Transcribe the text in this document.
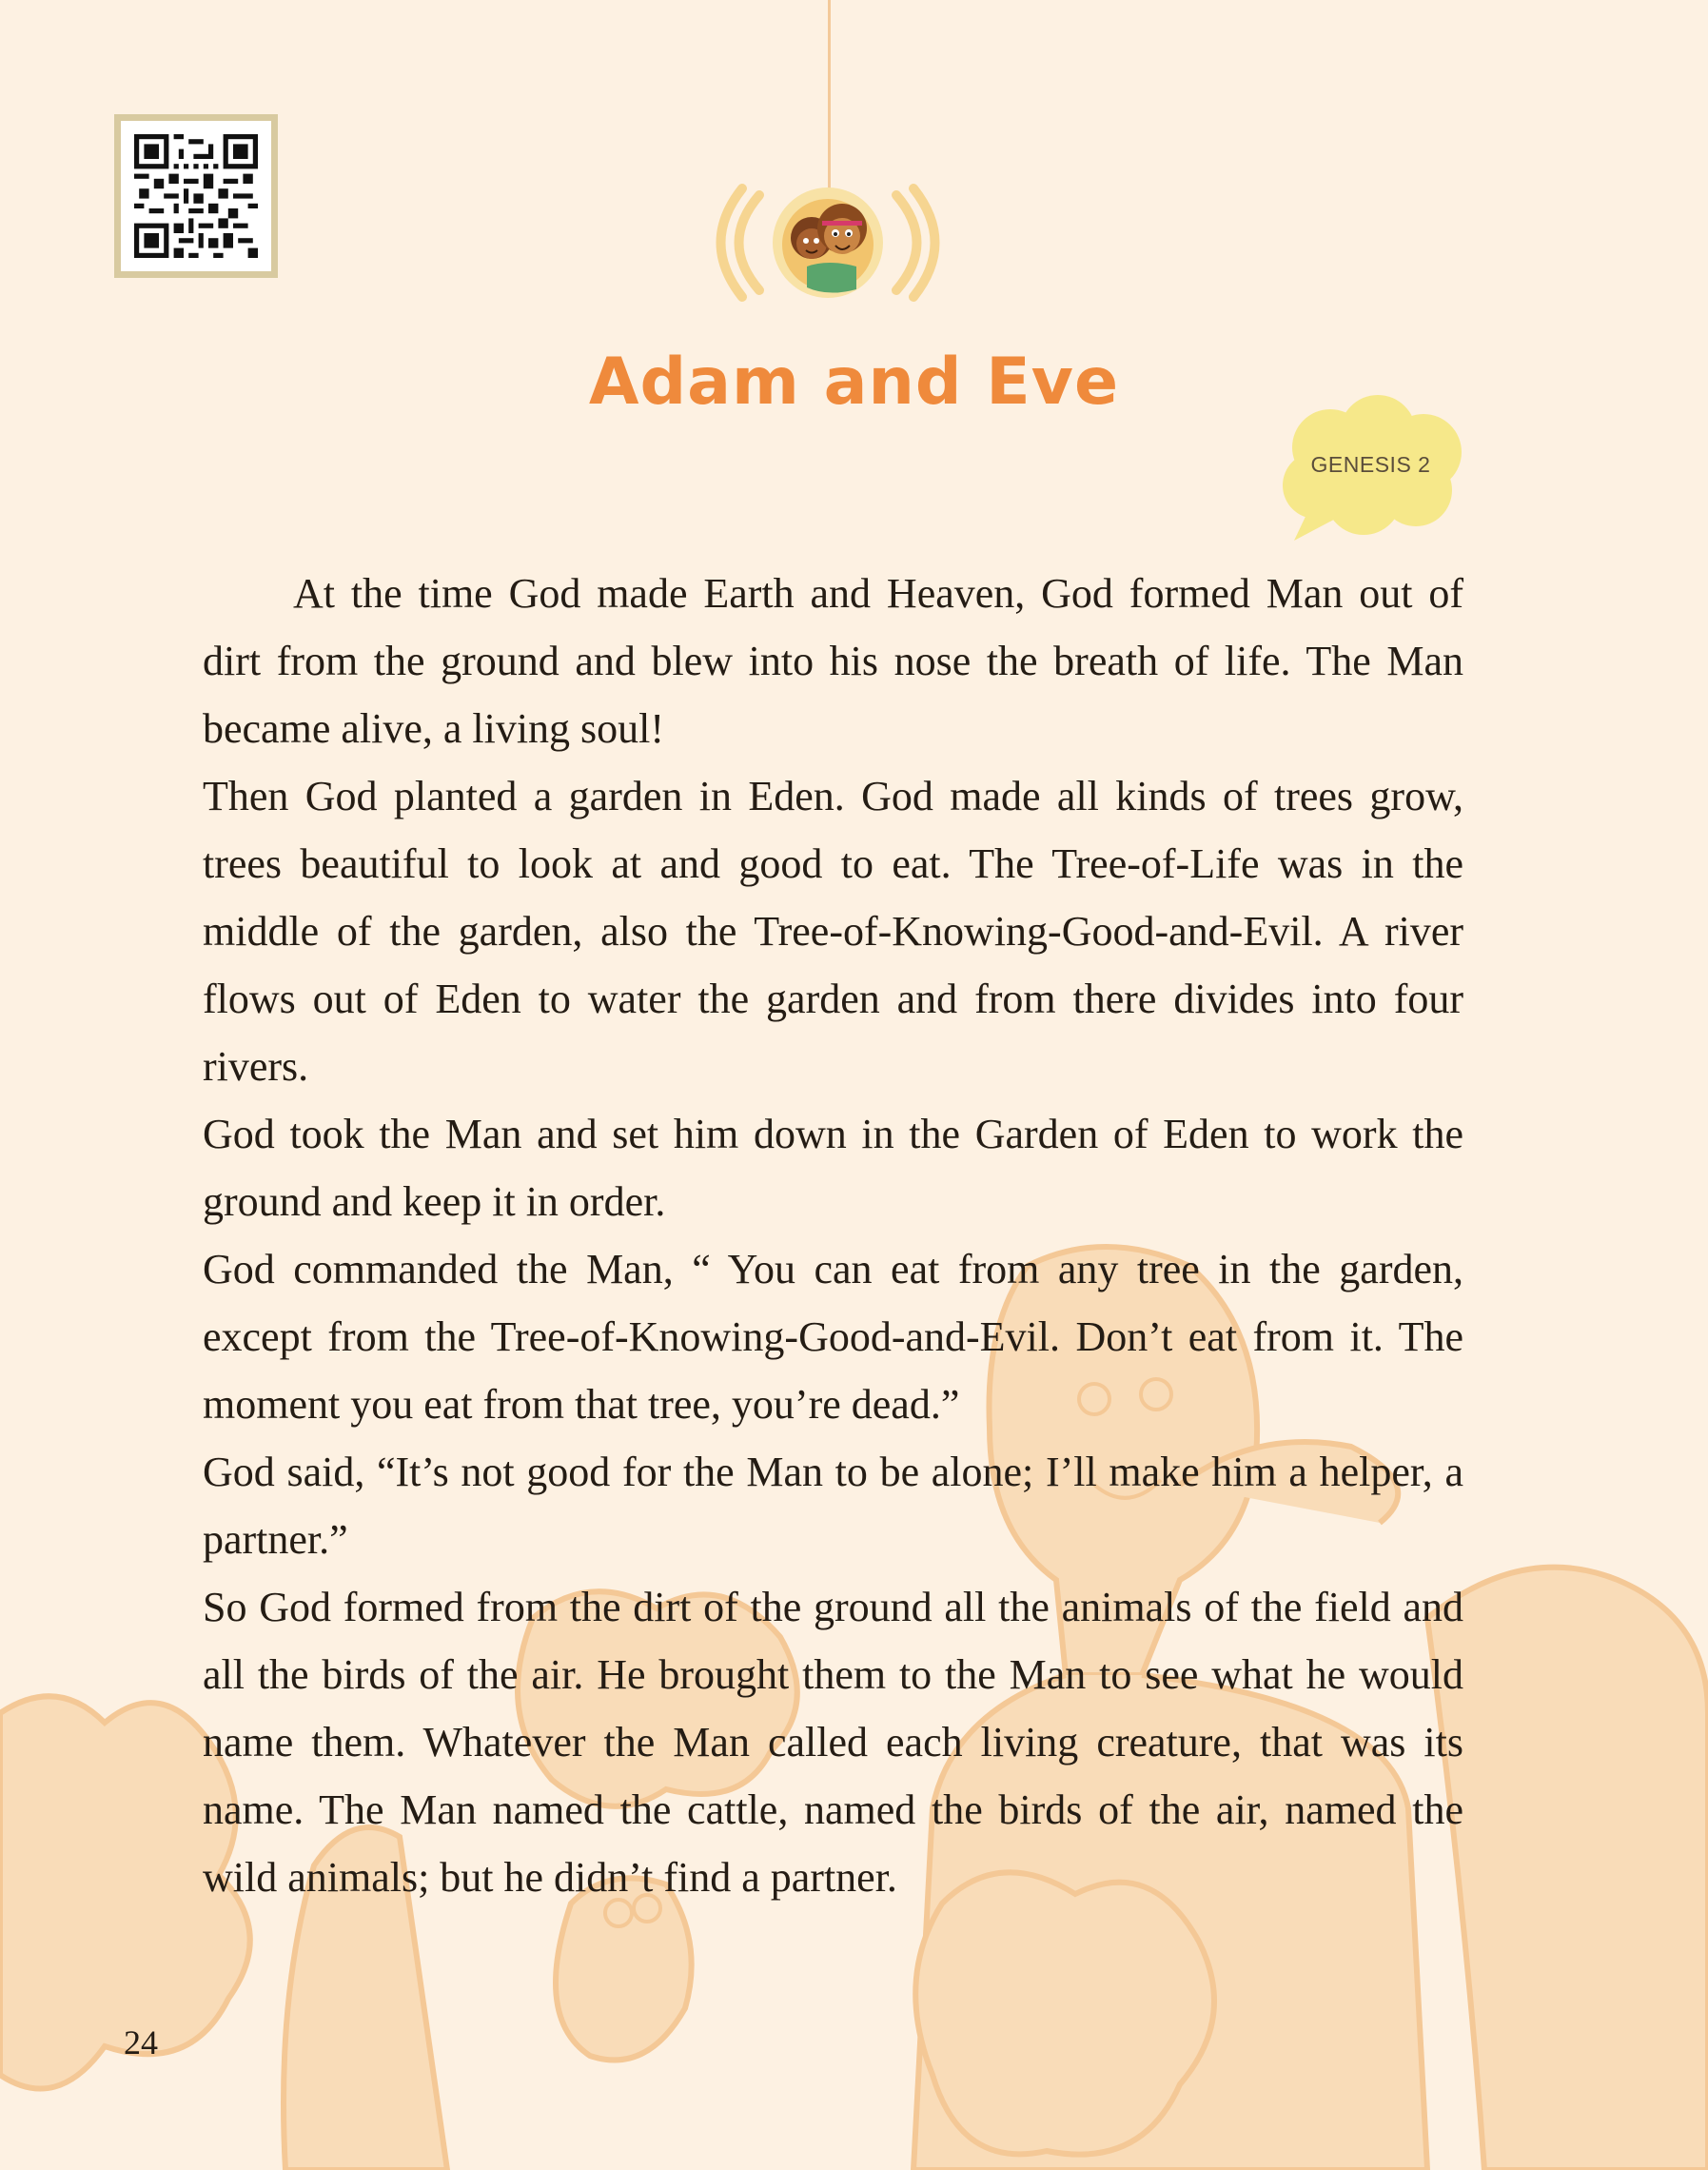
Adam and Eve
GENESIS 2

At the time God made Earth and Heaven, God formed Man out of dirt from the ground and blew into his nose the breath of life. The Man became alive, a living soul!

Then God planted a garden in Eden. God made all kinds of trees grow, trees beautiful to look at and good to eat. The Tree-of-Life was in the middle of the garden, also the Tree-of-Knowing-Good-and-Evil. A river flows out of Eden to water the garden and from there divides into four rivers.

God took the Man and set him down in the Garden of Eden to work the ground and keep it in order.

God commanded the Man, “ You can eat from any tree in the garden, except from the Tree-of-Knowing-Good-and-Evil. Don’t eat from it. The moment you eat from that tree, you’re dead.”

God said, “It’s not good for the Man to be alone; I’ll make him a helper, a partner.”

So God formed from the dirt of the ground all the animals of the field and all the birds of the air. He brought them to the Man to see what he would name them. Whatever the Man called each living creature, that was its name. The Man named the cattle, named the birds of the air, named the wild animals; but he didn’t find a partner.

24
